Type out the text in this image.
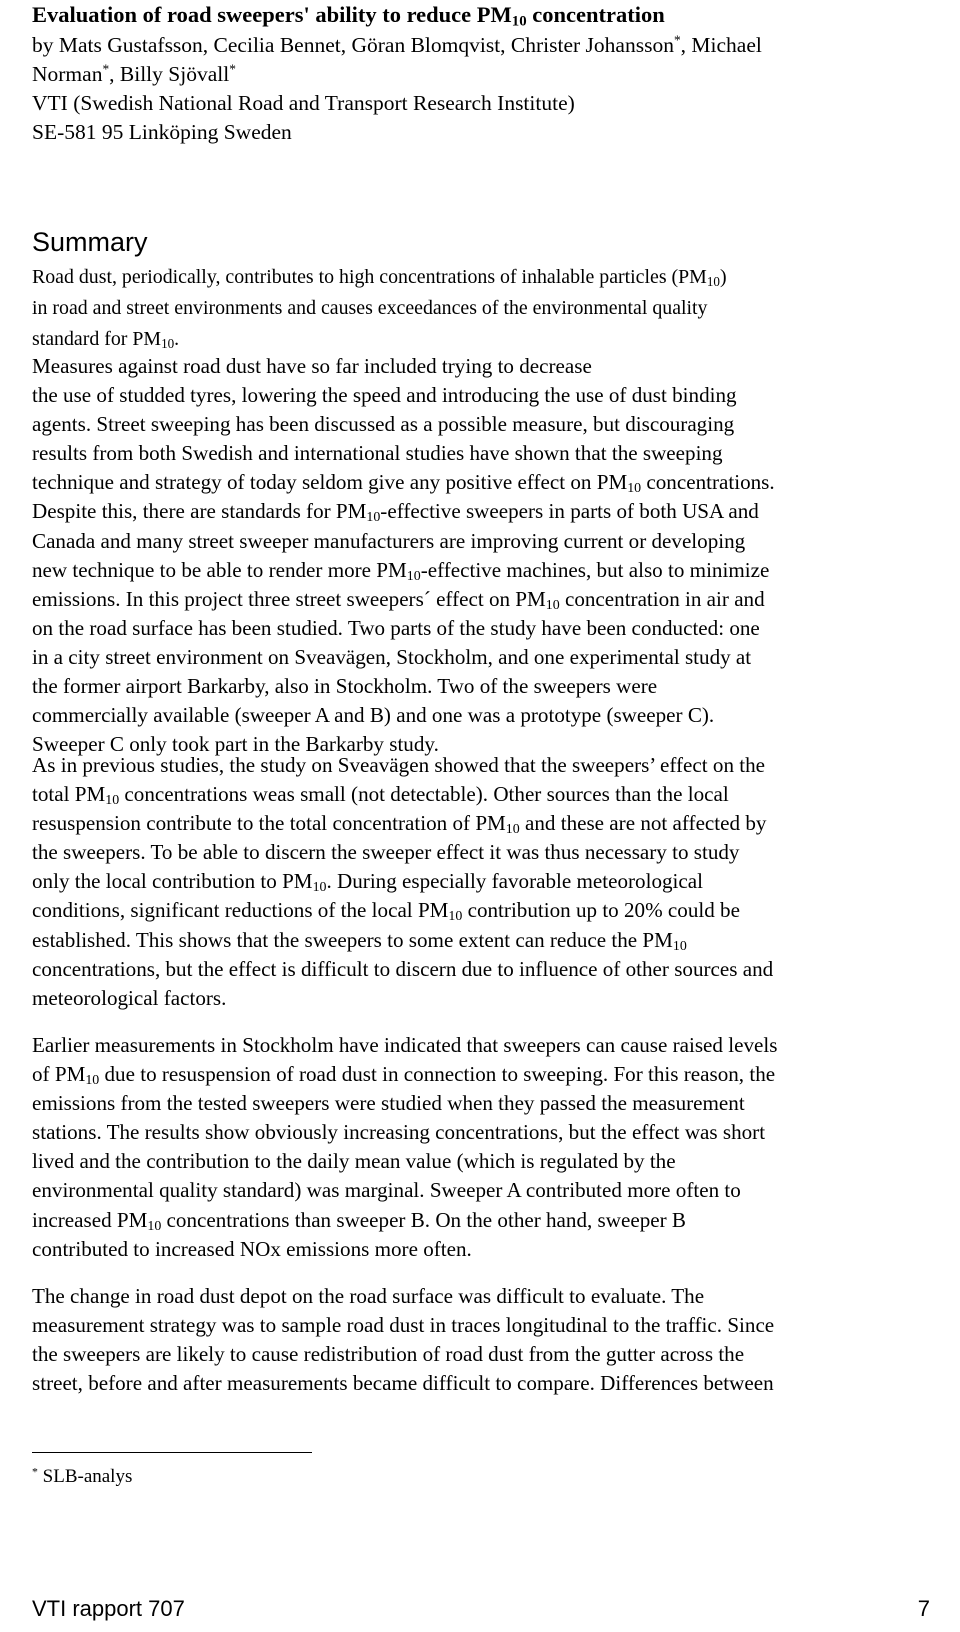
Evaluation of road sweepers' ability to reduce $PM_{10}$ concentration
by Mats Gustafsson, Cecilia Bennet, Göran Blomqvist, Christer Johansson*, Michael
Norman*, Billy Sjövall*
VTI (Swedish National Road and Transport Research Institute)
SE-581 95 Linköping Sweden
Summary
Road dust, periodically, contributes to high concentrations of inhalable particles $(PM_{10})$
in road and street environments and causes exceedances of the environmental quality
standard for $PM_{10}$.
Measures against road dust have so far included trying to decrease
the use of studded tyres, lowering the speed and introducing the use of dust binding
agents. Street sweeping has been discussed as a possible measure, but discouraging
results from both Swedish and international studies have shown that the sweeping
technique and strategy of today seldom give any positive effect on $PM_{10}$ concentrations.
Despite this, there are standards for $PM_{10}$-effective sweepers in parts of both USA and
Canada and many street sweeper manufacturers are improving current or developing
new technique to be able to render more $PM_{10}$-effective machines, but also to minimize
emissions. In this project three street sweepers´ effect on $PM_{10}$ concentration in air and
on the road surface has been studied. Two parts of the study have been conducted: one
in a city street environment on Sveavägen, Stockholm, and one experimental study at
the former airport Barkarby, also in Stockholm. Two of the sweepers were
commercially available (sweeper A and B) and one was a prototype (sweeper C).
Sweeper C only took part in the Barkarby study.
As in previous studies, the study on Sveavägen showed that the sweepers’ effect on the
total $PM_{10}$ concentrations weas small (not detectable). Other sources than the local
resuspension contribute to the total concentration of $PM_{10}$ and these are not affected by
the sweepers. To be able to discern the sweeper effect it was thus necessary to study
only the local contribution to $PM_{10}$. During especially favorable meteorological
conditions, significant reductions of the local $PM_{10}$ contribution up to 20% could be
established. This shows that the sweepers to some extent can reduce the $PM_{10}$
concentrations, but the effect is difficult to discern due to influence of other sources and
meteorological factors.
Earlier measurements in Stockholm have indicated that sweepers can cause raised levels
of $PM_{10}$ due to resuspension of road dust in connection to sweeping. For this reason, the
emissions from the tested sweepers were studied when they passed the measurement
stations. The results show obviously increasing concentrations, but the effect was short
lived and the contribution to the daily mean value (which is regulated by the
environmental quality standard) was marginal. Sweeper A contributed more often to
increased $PM_{10}$ concentrations than sweeper B. On the other hand, sweeper B
contributed to increased NOx emissions more often.
The change in road dust depot on the road surface was difficult to evaluate. The
measurement strategy was to sample road dust in traces longitudinal to the traffic. Since
the sweepers are likely to cause redistribution of road dust from the gutter across the
street, before and after measurements became difficult to compare. Differences between
* SLB-analys
VTI rapport 707	7
